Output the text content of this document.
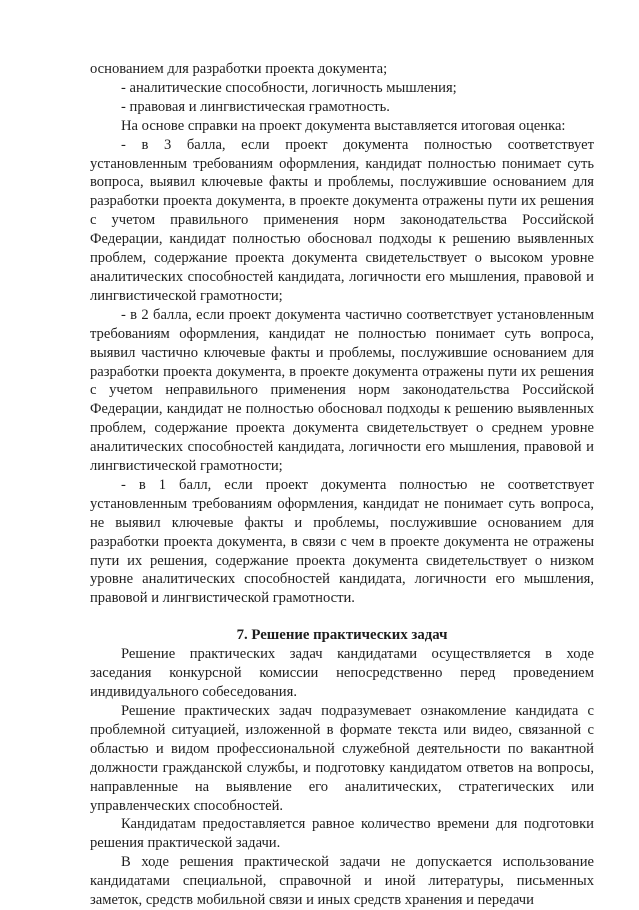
основанием для разработки проекта документа;

- аналитические способности, логичность мышления;

- правовая и лингвистическая грамотность.

На основе справки на проект документа выставляется итоговая оценка:

- в 3 балла, если проект документа полностью соответствует установленным требованиям оформления, кандидат полностью понимает суть вопроса, выявил ключевые факты и проблемы, послужившие основанием для разработки проекта документа, в проекте документа отражены пути их решения с учетом правильного применения норм законодательства Российской Федерации, кандидат полностью обосновал подходы к решению выявленных проблем, содержание проекта документа свидетельствует о высоком уровне аналитических способностей кандидата, логичности его мышления, правовой и лингвистической грамотности;

- в 2 балла, если проект документа частично соответствует установленным требованиям оформления, кандидат не полностью понимает суть вопроса, выявил частично ключевые факты и проблемы, послужившие основанием для разработки проекта документа, в проекте документа отражены пути их решения с учетом неправильного применения норм законодательства Российской Федерации, кандидат не полностью обосновал подходы к решению выявленных проблем, содержание проекта документа свидетельствует о среднем уровне аналитических способностей кандидата, логичности его мышления, правовой и лингвистической грамотности;

- в 1 балл, если проект документа полностью не соответствует установленным требованиям оформления, кандидат не понимает суть вопроса, не выявил ключевые факты и проблемы, послужившие основанием для разработки проекта документа, в связи с чем в проекте документа не отражены пути их решения, содержание проекта документа свидетельствует о низком уровне аналитических способностей кандидата, логичности его мышления, правовой и лингвистической грамотности.

7. Решение практических задач

Решение практических задач кандидатами осуществляется в ходе заседания конкурсной комиссии непосредственно перед проведением индивидуального собеседования.

Решение практических задач подразумевает ознакомление кандидата с проблемной ситуацией, изложенной в формате текста или видео, связанной с областью и видом профессиональной служебной деятельности по вакантной должности гражданской службы, и подготовку кандидатом ответов на вопросы, направленные на выявление его аналитических, стратегических или управленческих способностей.

Кандидатам предоставляется равное количество времени для подготовки решения практической задачи.

В ходе решения практической задачи не допускается использование кандидатами специальной, справочной и иной литературы, письменных заметок, средств мобильной связи и иных средств хранения и передачи
